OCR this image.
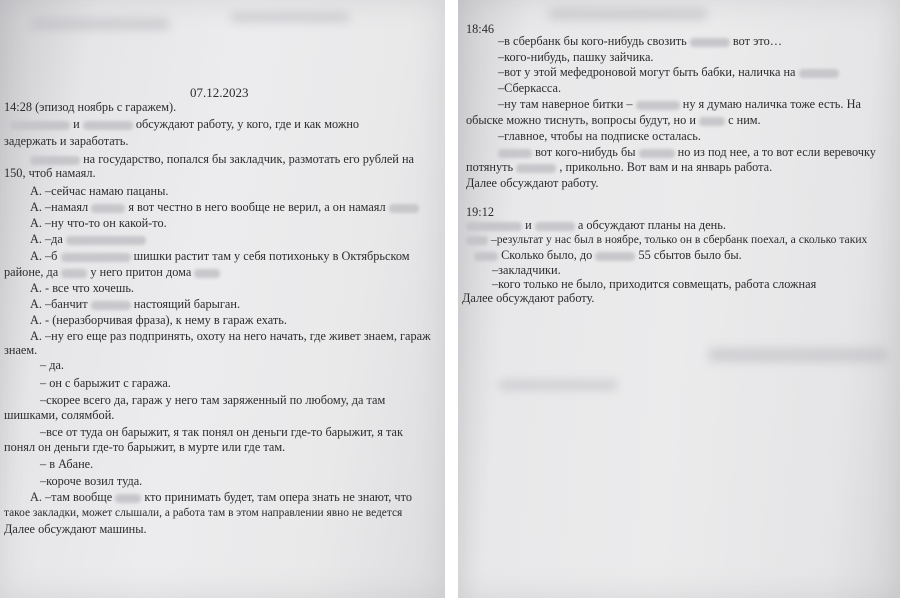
07.12.2023
14:28 (эпизод ноябрь с гаражем).
и	обсуждают работу, у кого, где и как можно
задержать и заработать.
на государство, попался бы закладчик, размотать его рублей на
150, чтоб намаял.
А. –сейчас намаю пацаны.
А. –намаял	я вот честно в него вообще не верил, а он намаял
А. –ну что-то он какой-то.
А. –да
А. –б	шишки растит там у себя потихоньку в Октябрьском
районе, да	у него притон дома
А. - все что хочешь.
А. –банчит	настоящий барыган.
А. - (неразборчивая фраза), к нему в гараж ехать.
А. –ну его еще раз подпринять, охоту на него начать, где живет знаем, гараж
знаем.
– да.
– он с барыжит с гаража.
–скорее всего да, гараж у него там заряженный по любому, да там
шишками, солямбой.
–все от туда он барыжит, я так понял он деньги где-то барыжит, я так
понял он деньги где-то барыжит, в мурте или где там.
– в Абане.
–короче возил туда.
А. –там вообще	кто принимать будет, там опера знать не знают, что
такое закладки, может слышали, а работа там в этом направлении явно не ведется
Далее обсуждают машины.
18:46
–в сбербанк бы кого-нибудь свозить	вот это…
–кого-нибудь, пашку зайчика.
–вот у этой мефедроновой могут быть бабки, наличка на
–Сберкасса.
–ну там наверное битки –	ну я думаю наличка тоже есть. На
обыске можно тиснуть, вопросы будут, но и	с ним.
–главное, чтобы на подписке осталась.
вот кого-нибудь бы	но из под нее, а то вот если веревочку
потянуть	, прикольно. Вот вам и на январь работа.
Далее обсуждают работу.
19:12
и	а обсуждают планы на день.
–результат у нас был в ноябре, только он в сбербанк поехал, а сколько таких
Сколько было, до	55 сбытов было бы.
–закладчики.
–кого только не было, приходится совмещать, работа сложная
Далее обсуждают работу.
